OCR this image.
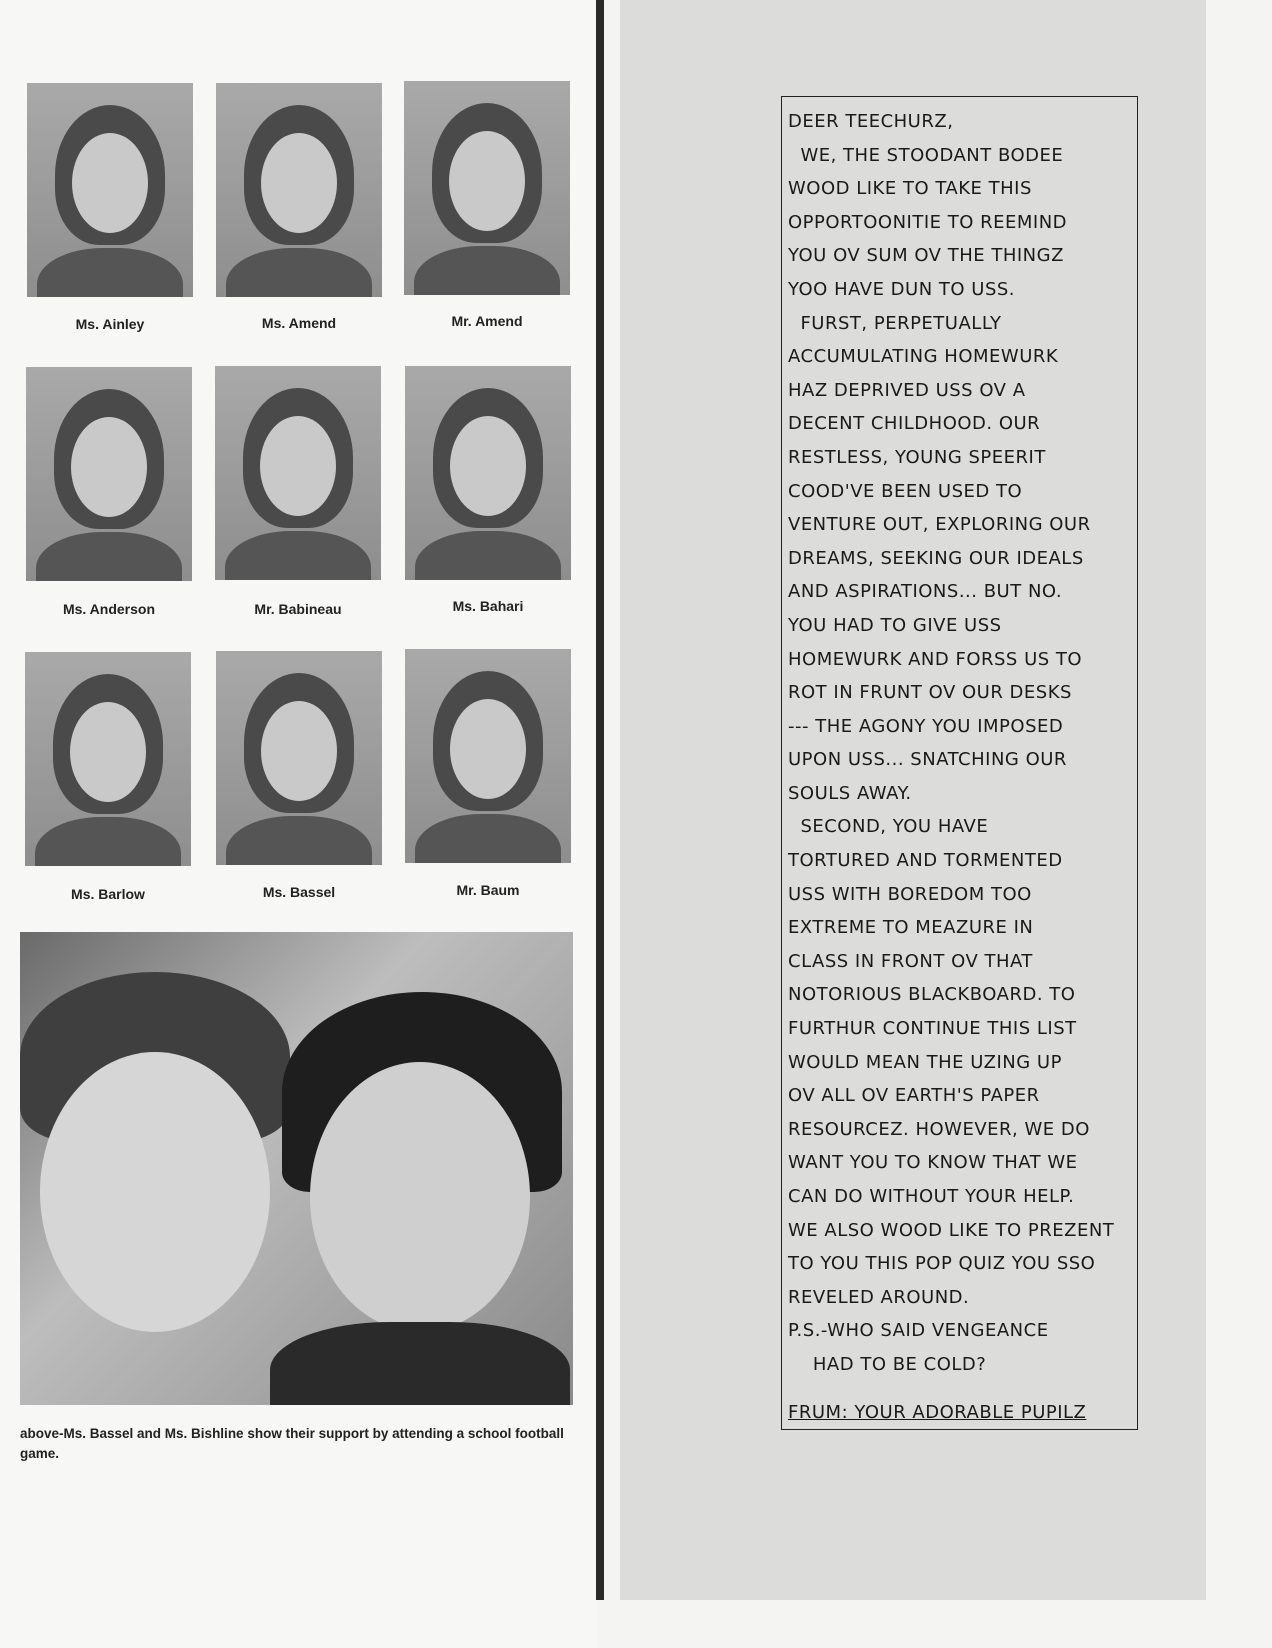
Ms. Ainley	Ms. Amend	Mr. Amend
Ms. Anderson	Mr. Babineau	Ms. Bahari
Ms. Barlow	Ms. Bassel	Mr. Baum
above-Ms. Bassel and Ms. Bishline show their support by attending a school football game.
DEER TEECHURZ,
WE, THE STOODANT BODEE
WOOD LIKE TO TAKE THIS
OPPORTOONITIE TO REEMIND
YOU OV SUM OV THE THINGZ
YOO HAVE DUN TO USS.
FURST, PERPETUALLY
ACCUMULATING HOMEWURK
HAZ DEPRIVED USS OV A
DECENT CHILDHOOD. OUR
RESTLESS, YOUNG SPEERIT
COOD'VE BEEN USED TO
VENTURE OUT, EXPLORING OUR
DREAMS, SEEKING OUR IDEALS
AND ASPIRATIONS... BUT NO.
YOU HAD TO GIVE USS
HOMEWURK AND FORSS US TO
ROT IN FRUNT OV OUR DESKS
--- THE AGONY YOU IMPOSED
UPON USS... SNATCHING OUR
SOULS AWAY.
SECOND, YOU HAVE
TORTURED AND TORMENTED
USS WITH BOREDOM TOO
EXTREME TO MEAZURE IN
CLASS IN FRONT OV THAT
NOTORIOUS BLACKBOARD. TO
FURTHUR CONTINUE THIS LIST
WOULD MEAN THE UZING UP
OV ALL OV EARTH'S PAPER
RESOURCEZ. HOWEVER, WE DO
WANT YOU TO KNOW THAT WE
CAN DO WITHOUT YOUR HELP.
WE ALSO WOOD LIKE TO PREZENT
TO YOU THIS POP QUIZ YOU SSO
REVELED AROUND.
P.S.-WHO SAID VENGEANCE
HAD TO BE COLD?
FRUM: YOUR ADORABLE PUPILZ
